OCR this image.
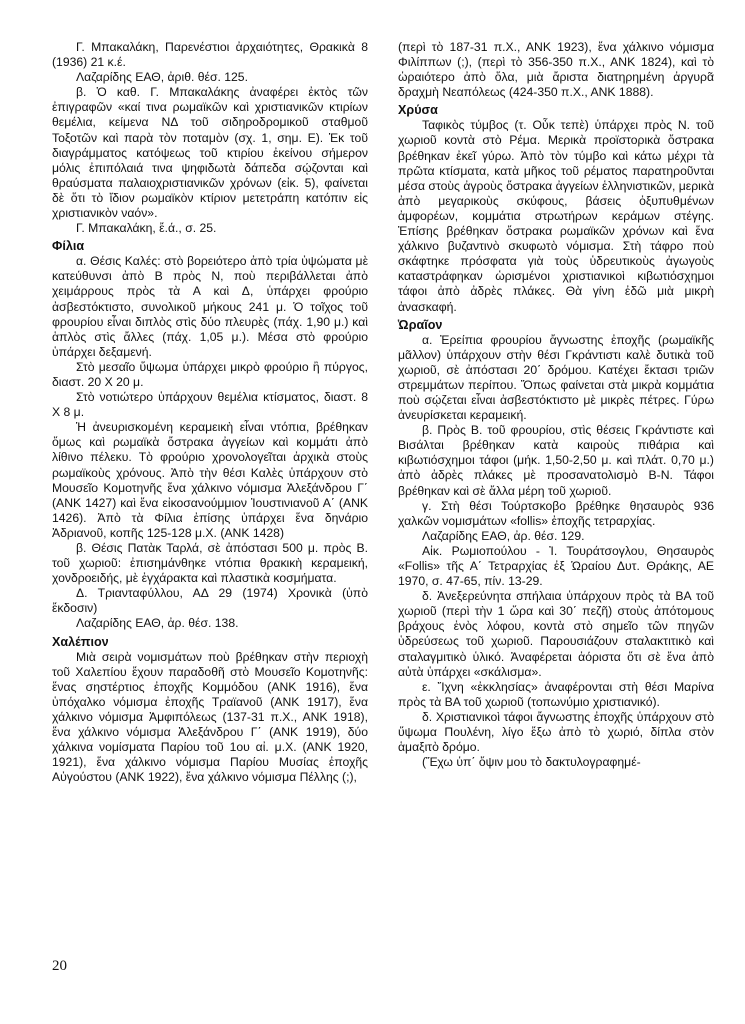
Γ. Μπακαλάκη, Παρενέστιοι ἀρχαιότητες, Θρακικὰ 8 (1936) 21 κ.έ.

Λαζαρίδης ΕΑΘ, ἀριθ. θέσ. 125.

β. Ὁ καθ. Γ. Μπακαλάκης ἀναφέρει ἐκτὸς τῶν ἐπιγραφῶν «καί τινα ρωμαϊκῶν καὶ χριστιανικῶν κτιρίων θεμέλια, κείμενα ΝΔ τοῦ σιδηροδρομικοῦ σταθμοῦ Τοξοτῶν καὶ παρὰ τὸν ποταμὸν (σχ. 1, σημ. Ε). Ἐκ τοῦ διαγράμματος κατόψεως τοῦ κτιρίου ἐκείνου σήμερον μόλις ἐπιπόλαιά τινα ψηφιδωτὰ δάπεδα σῴζονται καὶ θραύσματα παλαιοχριστιανικῶν χρόνων (εἰκ. 5), φαίνεται δὲ ὅτι τὸ ἴδιον ρωμαϊκὸν κτίριον μετετράπη κατόπιν εἰς χριστιανικὸν ναόν».

Γ. Μπακαλάκη, ἔ.ά., σ. 25.

Φίλια

α. Θέσις Καλές: στὸ βορειότερο ἀπὸ τρία ὑψώματα μὲ κατεύθυνσι ἀπὸ Β πρὸς Ν, ποὺ περιβάλλεται ἀπὸ χειμάρρους πρὸς τὰ Α καὶ Δ, ὑπάρχει φρούριο ἀσβεστόκτιστο, συνολικοῦ μήκους 241 μ. Ὁ τοῖχος τοῦ φρουρίου εἶναι διπλὸς στὶς δύο πλευρὲς (πάχ. 1,90 μ.) καὶ ἁπλὸς στὶς ἄλλες (πάχ. 1,05 μ.). Μέσα στὸ φρούριο ὑπάρχει δεξαμενή.

Στὸ μεσαῖο ὕψωμα ὑπάρχει μικρὸ φρούριο ἢ πύργος, διαστ. 20 Χ 20 μ.

Στὸ νοτιώτερο ὑπάρχουν θεμέλια κτίσματος, διαστ. 8 Χ 8 μ.

Ἡ ἀνευρισκομένη κεραμεικὴ εἶναι ντόπια, βρέθηκαν ὅμως καὶ ρωμαϊκὰ ὄστρακα ἀγγείων καὶ κομμάτι ἀπὸ λίθινο πέλεκυ. Τὸ φρούριο χρονολογεῖται ἀρχικὰ στοὺς ρωμαϊκοὺς χρόνους. Ἀπὸ τὴν θέσι Καλὲς ὑπάρχουν στὸ Μουσεῖο Κομοτηνῆς ἕνα χάλκινο νόμισμα Ἀλεξάνδρου Γ΄ (ΑΝΚ 1427) καὶ ἕνα εἰκοσανούμμιον Ἰουστινιανοῦ Α΄ (ΑΝΚ 1426). Ἀπὸ τὰ Φίλια ἐπίσης ὑπάρχει ἕνα δηνάριο Ἀδριανοῦ, κοπῆς 125-128 μ.Χ. (ΑΝΚ 1428)

β. Θέσις Πατὰκ Ταρλά, σὲ ἀπόστασι 500 μ. πρὸς Β. τοῦ χωριοῦ: ἐπισημάνθηκε ντόπια θρακικὴ κεραμεική, χονδροειδής, μὲ ἐγχάρακτα καὶ πλαστικὰ κοσμήματα.

Δ. Τριανταφύλλου, ΑΔ 29 (1974) Χρονικὰ (ὑπὸ ἔκδοσιν)

Λαζαρίδης ΕΑΘ, ἀρ. θέσ. 138.

Χαλέπιον

Μιὰ σειρὰ νομισμάτων ποὺ βρέθηκαν στὴν περιοχὴ τοῦ Χαλεπίου ἔχουν παραδοθῆ στὸ Μουσεῖο Κομοτηνῆς: ἕνας σηστέρτιος ἐποχῆς Κομμόδου (ΑΝΚ 1916), ἕνα ὑπόχαλκο νόμισμα ἐποχῆς Τραϊανοῦ (ΑΝΚ 1917), ἕνα χάλκινο νόμισμα Ἀμφιπόλεως (137-31 π.Χ., ΑΝΚ 1918), ἕνα χάλκινο νόμισμα Ἀλεξάνδρου Γ΄ (ΑΝΚ 1919), δύο χάλκινα νομίσματα Παρίου τοῦ 1ου αἰ. μ.Χ. (ΑΝΚ 1920, 1921), ἕνα χάλκινο νόμισμα Παρίου Μυσίας ἐποχῆς Αὐγούστου (ΑΝΚ 1922), ἕνα χάλκινο νόμισμα Πέλλης (;),

(περὶ τὸ 187-31 π.Χ., ΑΝΚ 1923), ἕνα χάλκινο νόμισμα Φιλίππων (;), (περὶ τὸ 356-350 π.Χ., ΑΝΚ 1824), καὶ τὸ ὡραιότερο ἀπὸ ὅλα, μιὰ ἄριστα διατηρημένη ἀργυρᾶ δραχμὴ Νεαπόλεως (424-350 π.Χ., ΑΝΚ 1888).

Χρύσα

Ταφικὸς τύμβος (τ. Οὖκ τεπὲ) ὑπάρχει πρὸς Ν. τοῦ χωριοῦ κοντὰ στὸ Ρέμα. Μερικὰ προϊστορικὰ ὄστρακα βρέθηκαν ἐκεῖ γύρω. Ἀπὸ τὸν τύμβο καὶ κάτω μέχρι τὰ πρῶτα κτίσματα, κατὰ μῆκος τοῦ ρέματος παρατηροῦνται μέσα στοὺς ἀγροὺς ὄστρακα ἀγγείων ἑλληνιστικῶν, μερικὰ ἀπὸ μεγαρικοὺς σκύφους, βάσεις ὀξυπυθμένων ἀμφορέων, κομμάτια στρωτήρων κεράμων στέγης. Ἐπίσης βρέθηκαν ὄστρακα ρωμαϊκῶν χρόνων καὶ ἕνα χάλκινο βυζαντινὸ σκυφωτὸ νόμισμα. Στὴ τάφρο ποὺ σκάφτηκε πρόσφατα γιὰ τοὺς ὑδρευτικοὺς ἀγωγοὺς καταστράφηκαν ὡρισμένοι χριστιανικοὶ κιβωτιόσχημοι τάφοι ἀπὸ ἀδρὲς πλάκες. Θὰ γίνη ἐδῶ μιὰ μικρὴ ἀνασκαφή.

Ὡραῖον

α. Ἐρείπια φρουρίου ἄγνωστης ἐποχῆς (ρωμαϊκῆς μᾶλλον) ὑπάρχουν στὴν θέσι Γκράντιστι καλὲ δυτικὰ τοῦ χωριοῦ, σὲ ἀπόστασι 20΄ δρόμου. Κατέχει ἔκτασι τριῶν στρεμμάτων περίπου. Ὅπως φαίνεται στὰ μικρὰ κομμάτια ποὺ σῴζεται εἶναι ἀσβεστόκτιστο μὲ μικρὲς πέτρες. Γύρω ἀνευρίσκεται κεραμεική.

β. Πρὸς Β. τοῦ φρουρίου, στὶς θέσεις Γκράντιστε καὶ Βισάλται βρέθηκαν κατὰ καιροὺς πιθάρια καὶ κιβωτιόσχημοι τάφοι (μήκ. 1,50-2,50 μ. καὶ πλάτ. 0,70 μ.) ἀπὸ ἀδρὲς πλάκες μὲ προσανατολισμὸ Β-Ν. Τάφοι βρέθηκαν καὶ σὲ ἄλλα μέρη τοῦ χωριοῦ.

γ. Στὴ θέσι Τούρτσκοβο βρέθηκε θησαυρὸς 936 χαλκῶν νομισμάτων «follis» ἐποχῆς τετραρχίας.

Λαζαρίδης ΕΑΘ, ἀρ. θέσ. 129.

Αἰκ. Ρωμιοπούλου - Ἰ. Τουράτσογλου, Θησαυρὸς «Follis» τῆς Α΄ Τετραρχίας ἐξ Ὡραίου Δυτ. Θράκης, ΑΕ 1970, σ. 47-65, πίν. 13-29.

δ. Ἀνεξερεύνητα σπήλαια ὑπάρχουν πρὸς τὰ ΒΑ τοῦ χωριοῦ (περὶ τὴν 1 ὥρα καὶ 30΄ πεζῆ) στοὺς ἀπότομους βράχους ἑνὸς λόφου, κοντὰ στὸ σημεῖο τῶν πηγῶν ὑδρεύσεως τοῦ χωριοῦ. Παρουσιάζουν σταλακτιτικὸ καὶ σταλαγμιτικὸ ὑλικό. Ἀναφέρεται ἀόριστα ὅτι σὲ ἕνα ἀπὸ αὐτὰ ὑπάρχει «σκάλισμα».

ε. Ἴχνη «ἐκκλησίας» ἀναφέρονται στὴ θέσι Μαρίνα πρὸς τὰ ΒΑ τοῦ χωριοῦ (τοπωνύμιο χριστιανικό).

δ. Χριστιανικοὶ τάφοι ἄγνωστης ἐποχῆς ὑπάρχουν στὸ ὕψωμα Πουλένη, λίγο ἔξω ἀπὸ τὸ χωριό, δίπλα στὸν ἁμαξιτὸ δρόμο.

(Ἔχω ὑπ΄ ὄψιν μου τὸ δακτυλογραφημέ-

20
